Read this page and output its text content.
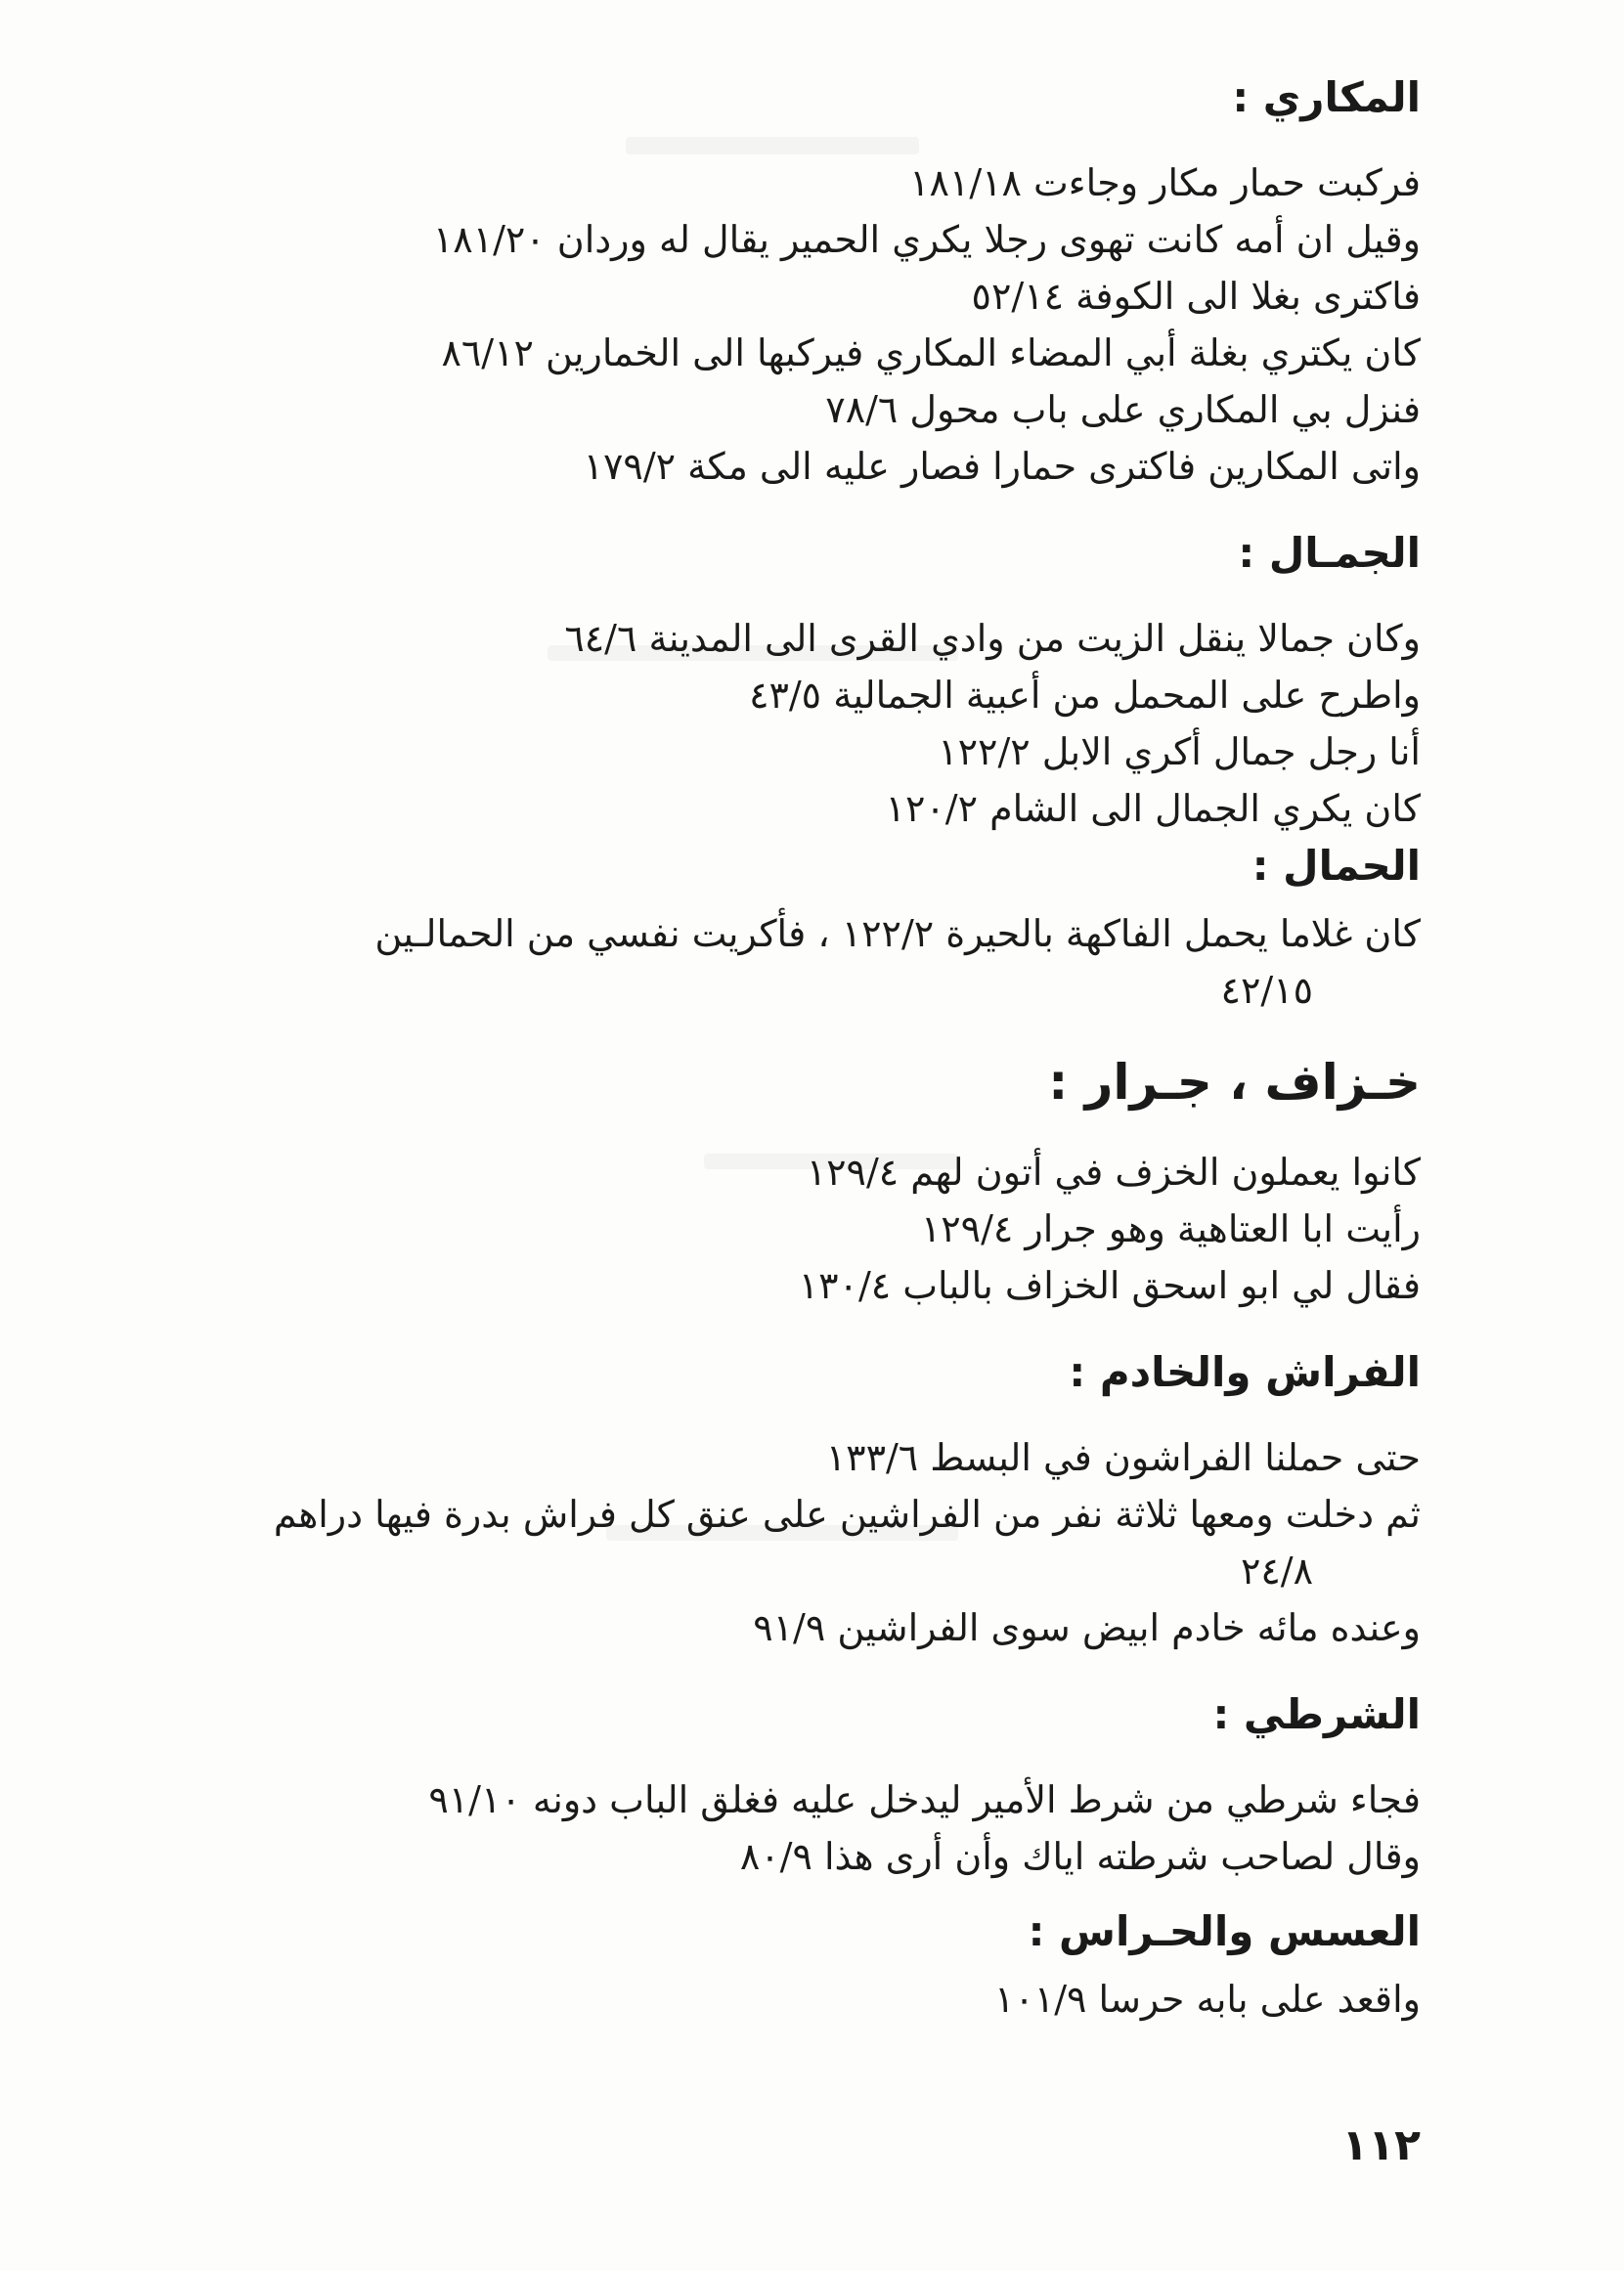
المكاري :
فركبت حمار مكار وجاءت ١٨١/١٨
وقيل ان أمه كانت تهوى رجلا يكري الحمير يقال له وردان ١٨١/٢٠
فاكترى بغلا الى الكوفة ٥٢/١٤
كان يكتري بغلة أبي المضاء المكاري فيركبها الى الخمارين ٨٦/١٢
فنزل بي المكاري على باب محول ٧٨/٦
واتى المكارين فاكترى حمارا فصار عليه الى مكة ١٧٩/٢
الجمـال :
وكان جمالا ينقل الزيت من وادي القرى الى المدينة ٦٤/٦
واطرح على المحمل من أعبية الجمالية ٤٣/٥
أنا رجل جمال أكري الابل ١٢٢/٢
كان يكري الجمال الى الشام ١٢٠/٢
الحمال :
كان غلاما يحمل الفاكهة بالحيرة ١٢٢/٢ ، فأكريت نفسي من الحمالـين
٤٢/١٥
خـزاف ، جـرار :
كانوا يعملون الخزف في أتون لهم ١٢٩/٤
رأيت ابا العتاهية وهو جرار ١٢٩/٤
فقال لي ابو اسحق الخزاف بالباب ١٣٠/٤
الفراش والخادم :
حتى حملنا الفراشون في البسط ١٣٣/٦
ثم دخلت ومعها ثلاثة نفر من الفراشين على عنق كل فراش بدرة فيها دراهم
٢٤/٨
وعنده مائه خادم ابيض سوى الفراشين ٩١/٩
الشرطي :
فجاء شرطي من شرط الأمير ليدخل عليه فغلق الباب دونه ٩١/١٠
وقال لصاحب شرطته اياك وأن أرى هذا ٨٠/٩
العسس والحـراس :
واقعد على بابه حرسا ١٠١/٩
١١٢
